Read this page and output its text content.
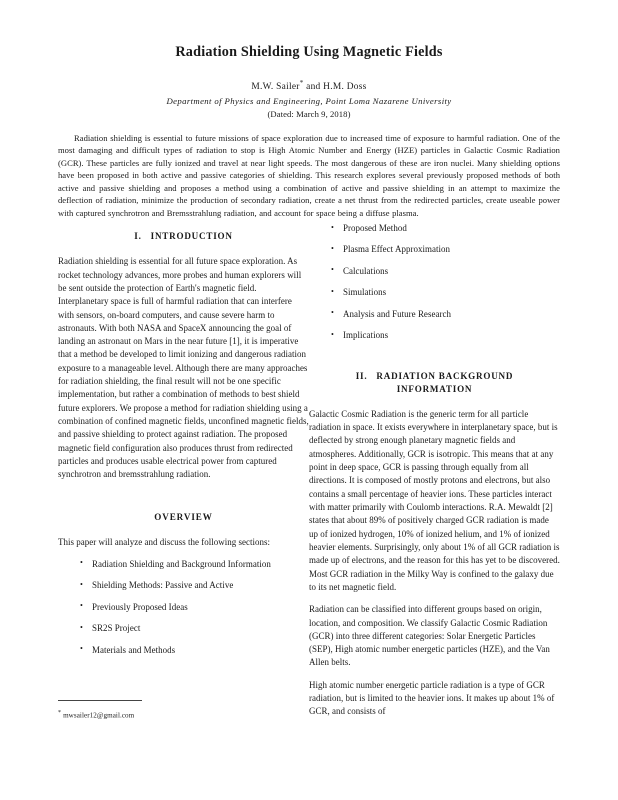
Radiation Shielding Using Magnetic Fields

M.W. Sailer* and H.M. Doss

Department of Physics and Engineering, Point Loma Nazarene University

(Dated: March 9, 2018)

Radiation shielding is essential to future missions of space exploration due to increased time of exposure to harmful radiation. One of the most damaging and difficult types of radiation to stop is High Atomic Number and Energy (HZE) particles in Galactic Cosmic Radiation (GCR). These particles are fully ionized and travel at near light speeds. The most dangerous of these are iron nuclei. Many shielding options have been proposed in both active and passive categories of shielding. This research explores several previously proposed methods of both active and passive shielding and proposes a method using a combination of active and passive shielding in an attempt to maximize the deflection of radiation, minimize the production of secondary radiation, create a net thrust from the redirected particles, create useable power with captured synchrotron and Bremsstrahlung radiation, and account for space being a diffuse plasma.
I. INTRODUCTION

Radiation shielding is essential for all future space exploration. As rocket technology advances, more probes and human explorers will be sent outside the protection of Earth's magnetic field. Interplanetary space is full of harmful radiation that can interfere with sensors, on-board computers, and cause severe harm to astronauts. With both NASA and SpaceX announcing the goal of landing an astronaut on Mars in the near future [1], it is imperative that a method be developed to limit ionizing and dangerous radiation exposure to a manageable level. Although there are many approaches for radiation shielding, the final result will not be one specific implementation, but rather a combination of methods to best shield future explorers. We propose a method for radiation shielding using a combination of confined magnetic fields, unconfined magnetic fields, and passive shielding to protect against radiation. The proposed magnetic field configuration also produces thrust from redirected particles and produces usable electrical power from captured synchrotron and bremsstrahlung radiation.

OVERVIEW

This paper will analyze and discuss the following sections:

• Radiation Shielding and Background Information
• Shielding Methods: Passive and Active
• Previously Proposed Ideas
• SR2S Project
• Materials and Methods
• Proposed Method
• Plasma Effect Approximation
• Calculations
• Simulations
• Analysis and Future Research
• Implications
II. RADIATION BACKGROUND
INFORMATION

Galactic Cosmic Radiation is the generic term for all particle radiation in space. It exists everywhere in interplanetary space, but is deflected by strong enough planetary magnetic fields and atmospheres. Additionally, GCR is isotropic. This means that at any point in deep space, GCR is passing through equally from all directions. It is composed of mostly protons and electrons, but also contains a small percentage of heavier ions. These particles interact with matter primarily with Coulomb interactions. R.A. Mewaldt [2] states that about 89% of positively charged GCR radiation is made up of ionized hydrogen, 10% of ionized helium, and 1% of ionized heavier elements. Surprisingly, only about 1% of all GCR radiation is made up of electrons, and the reason for this has yet to be discovered. Most GCR radiation in the Milky Way is confined to the galaxy due to its net magnetic field.

Radiation can be classified into different groups based on origin, location, and composition. We classify Galactic Cosmic Radiation (GCR) into three different categories: Solar Energetic Particles (SEP), High atomic number energetic particles (HZE), and the Van Allen belts.

High atomic number energetic particle radiation is a type of GCR radiation, but is limited to the heavier ions. It makes up about 1% of GCR, and consists of

* mwsailer12@gmail.com
